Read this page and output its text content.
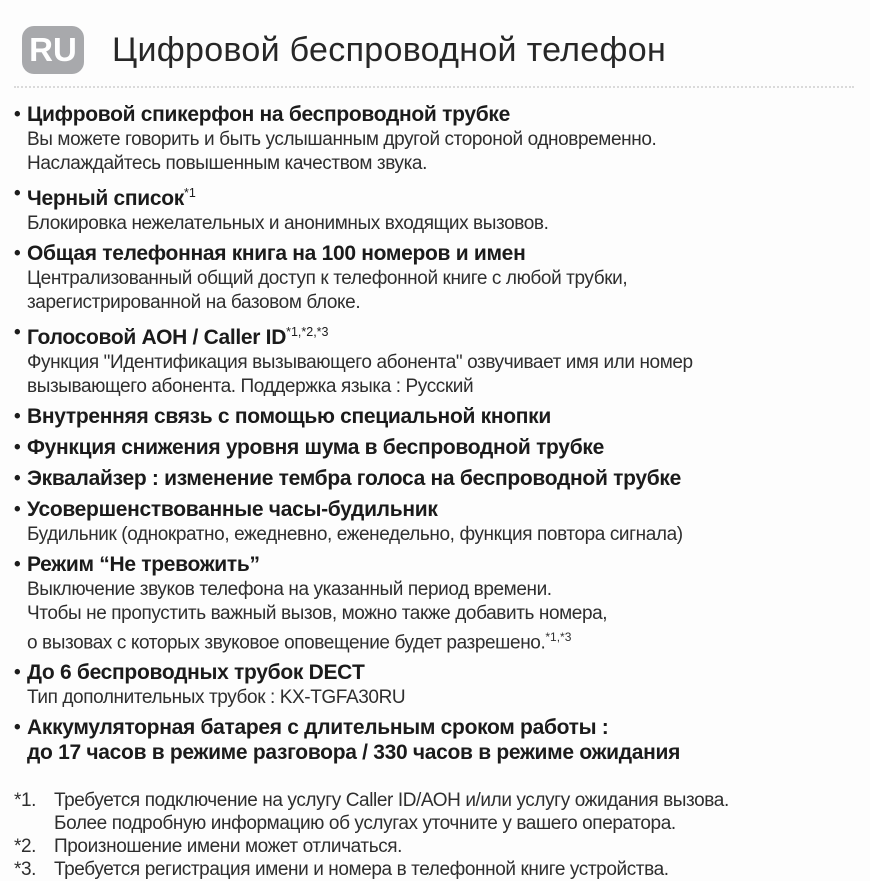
RU Цифровой беспроводной телефон
• Цифровой спикерфон на беспроводной трубке

Вы можете говорить и быть услышанным другой стороной одновременно.

Наслаждайтесь повышенным качеством звука.

• Черный список$^{*1}$

Блокировка нежелательных и анонимных входящих вызовов.

• Общая телефонная книга на 100 номеров и имен

Централизованный общий доступ к телефонной книге с любой трубки,

зарегистрированной на базовом блоке.

• Голосовой АОН / Caller $ID^{*1,*2,*3}$

Функция "Идентификация вызывающего абонента" озвучивает имя или номер

вызывающего абонента. Поддержка языка : Русский

• Внутренняя связь с помощью специальной кнопки
• Функция снижения уровня шума в беспроводной трубке
• Эквалайзер : изменение тембра голоса на беспроводной трубке
• Усовершенствованные часы-будильник

Будильник (однократно, ежедневно, еженедельно, функция повтора сигнала)

• Режим “Не тревожить”

Выключение звуков телефона на указанный период времени.

Чтобы не пропустить важный вызов, можно также добавить номера,

о вызовах с которых звуковое оповещение будет разрешено.$^{*1,*3}$

• До 6 беспроводных трубок DECT

Тип дополнительных трубок : KX-TGFA30RU

• Аккумуляторная батарея с длительным сроком работы :
до 17 часов в режиме разговора / 330 часов в режиме ожидания
*1. Требуется подключение на услугу Caller ID/АОН и/или услугу ожидания вызова.

Более подробную информацию об услугах уточните у вашего оператора.

*2. Произношение имени может отличаться.

*3. Требуется регистрация имени и номера в телефонной книге устройства.
